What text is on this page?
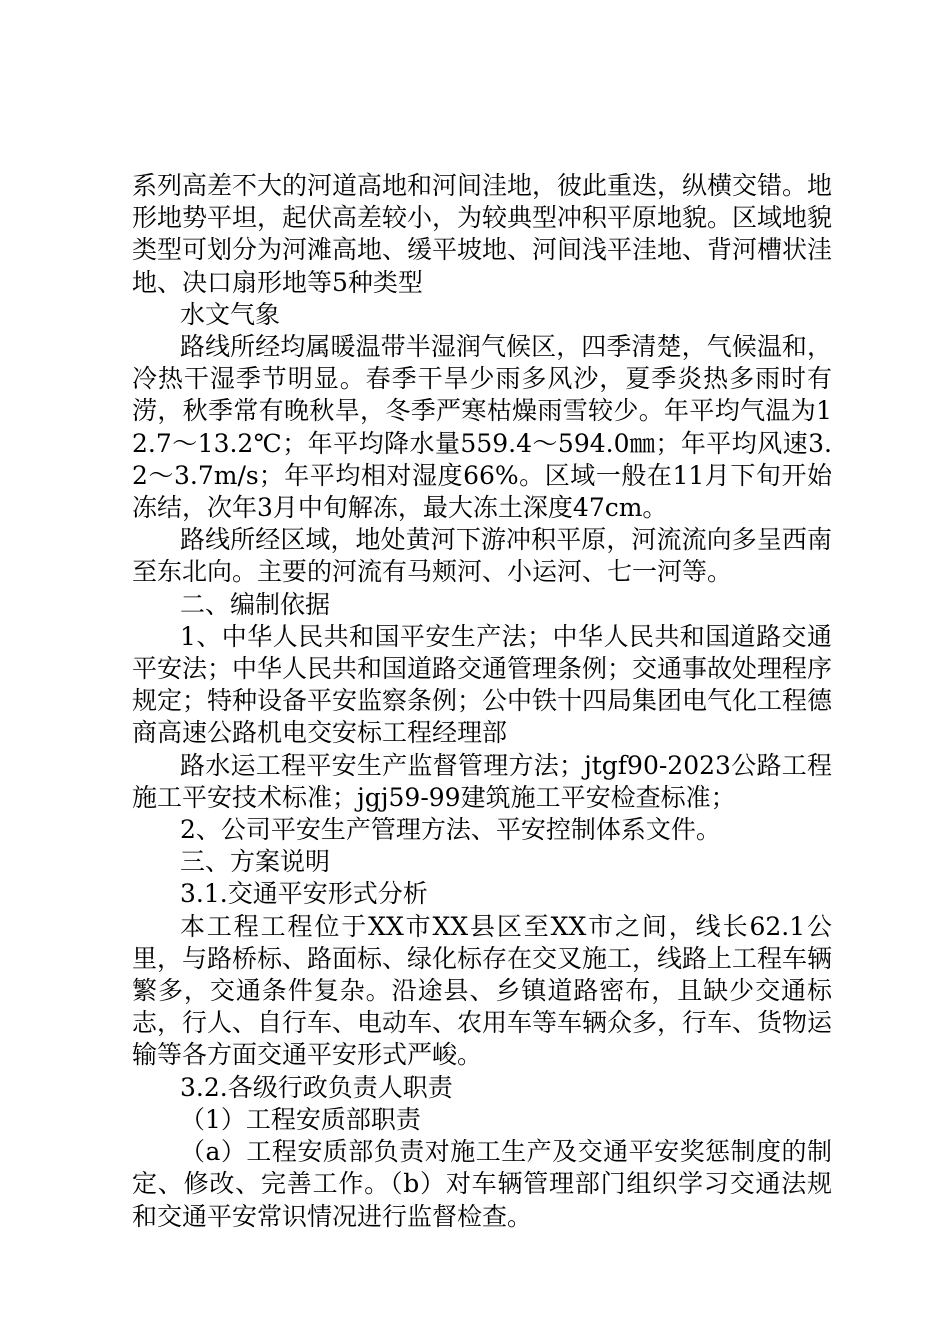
系列高差不大的河道高地和河间洼地，彼此重迭，纵横交错。地形地势平坦，起伏高差较小，为较典型冲积平原地貌。区域地貌类型可划分为河滩高地、缓平坡地、河间浅平洼地、背河槽状洼地、决口扇形地等5种类型

水文气象

路线所经均属暖温带半湿润气候区，四季清楚，气候温和，冷热干湿季节明显。春季干旱少雨多风沙，夏季炎热多雨时有涝，秋季常有晚秋旱，冬季严寒枯燥雨雪较少。年平均气温为12.7～13.2℃；年平均降水量559.4～594.0㎜；年平均风速3.2～3.7m/s；年平均相对湿度66%。区域一般在11月下旬开始冻结，次年3月中旬解冻，最大冻土深度47cm。

路线所经区域，地处黄河下游冲积平原，河流流向多呈西南至东北向。主要的河流有马颊河、小运河、七一河等。

二、编制依据

1、中华人民共和国平安生产法；中华人民共和国道路交通平安法；中华人民共和国道路交通管理条例；交通事故处理程序规定；特种设备平安监察条例；公中铁十四局集团电气化工程德商高速公路机电交安标工程经理部

路水运工程平安生产监督管理方法；jtgf90-2023公路工程施工平安技术标准；jgj59-99建筑施工平安检查标准；

2、公司平安生产管理方法、平安控制体系文件。

三、方案说明

3.1.交通平安形式分析

本工程工程位于XX市XX县区至XX市之间，线长62.1公里，与路桥标、路面标、绿化标存在交叉施工，线路上工程车辆繁多，交通条件复杂。沿途县、乡镇道路密布，且缺少交通标志，行人、自行车、电动车、农用车等车辆众多，行车、货物运输等各方面交通平安形式严峻。

3.2.各级行政负责人职责

（1）工程安质部职责

（a）工程安质部负责对施工生产及交通平安奖惩制度的制定、修改、完善工作。（b）对车辆管理部门组织学习交通法规和交通平安常识情况进行监督检查。
